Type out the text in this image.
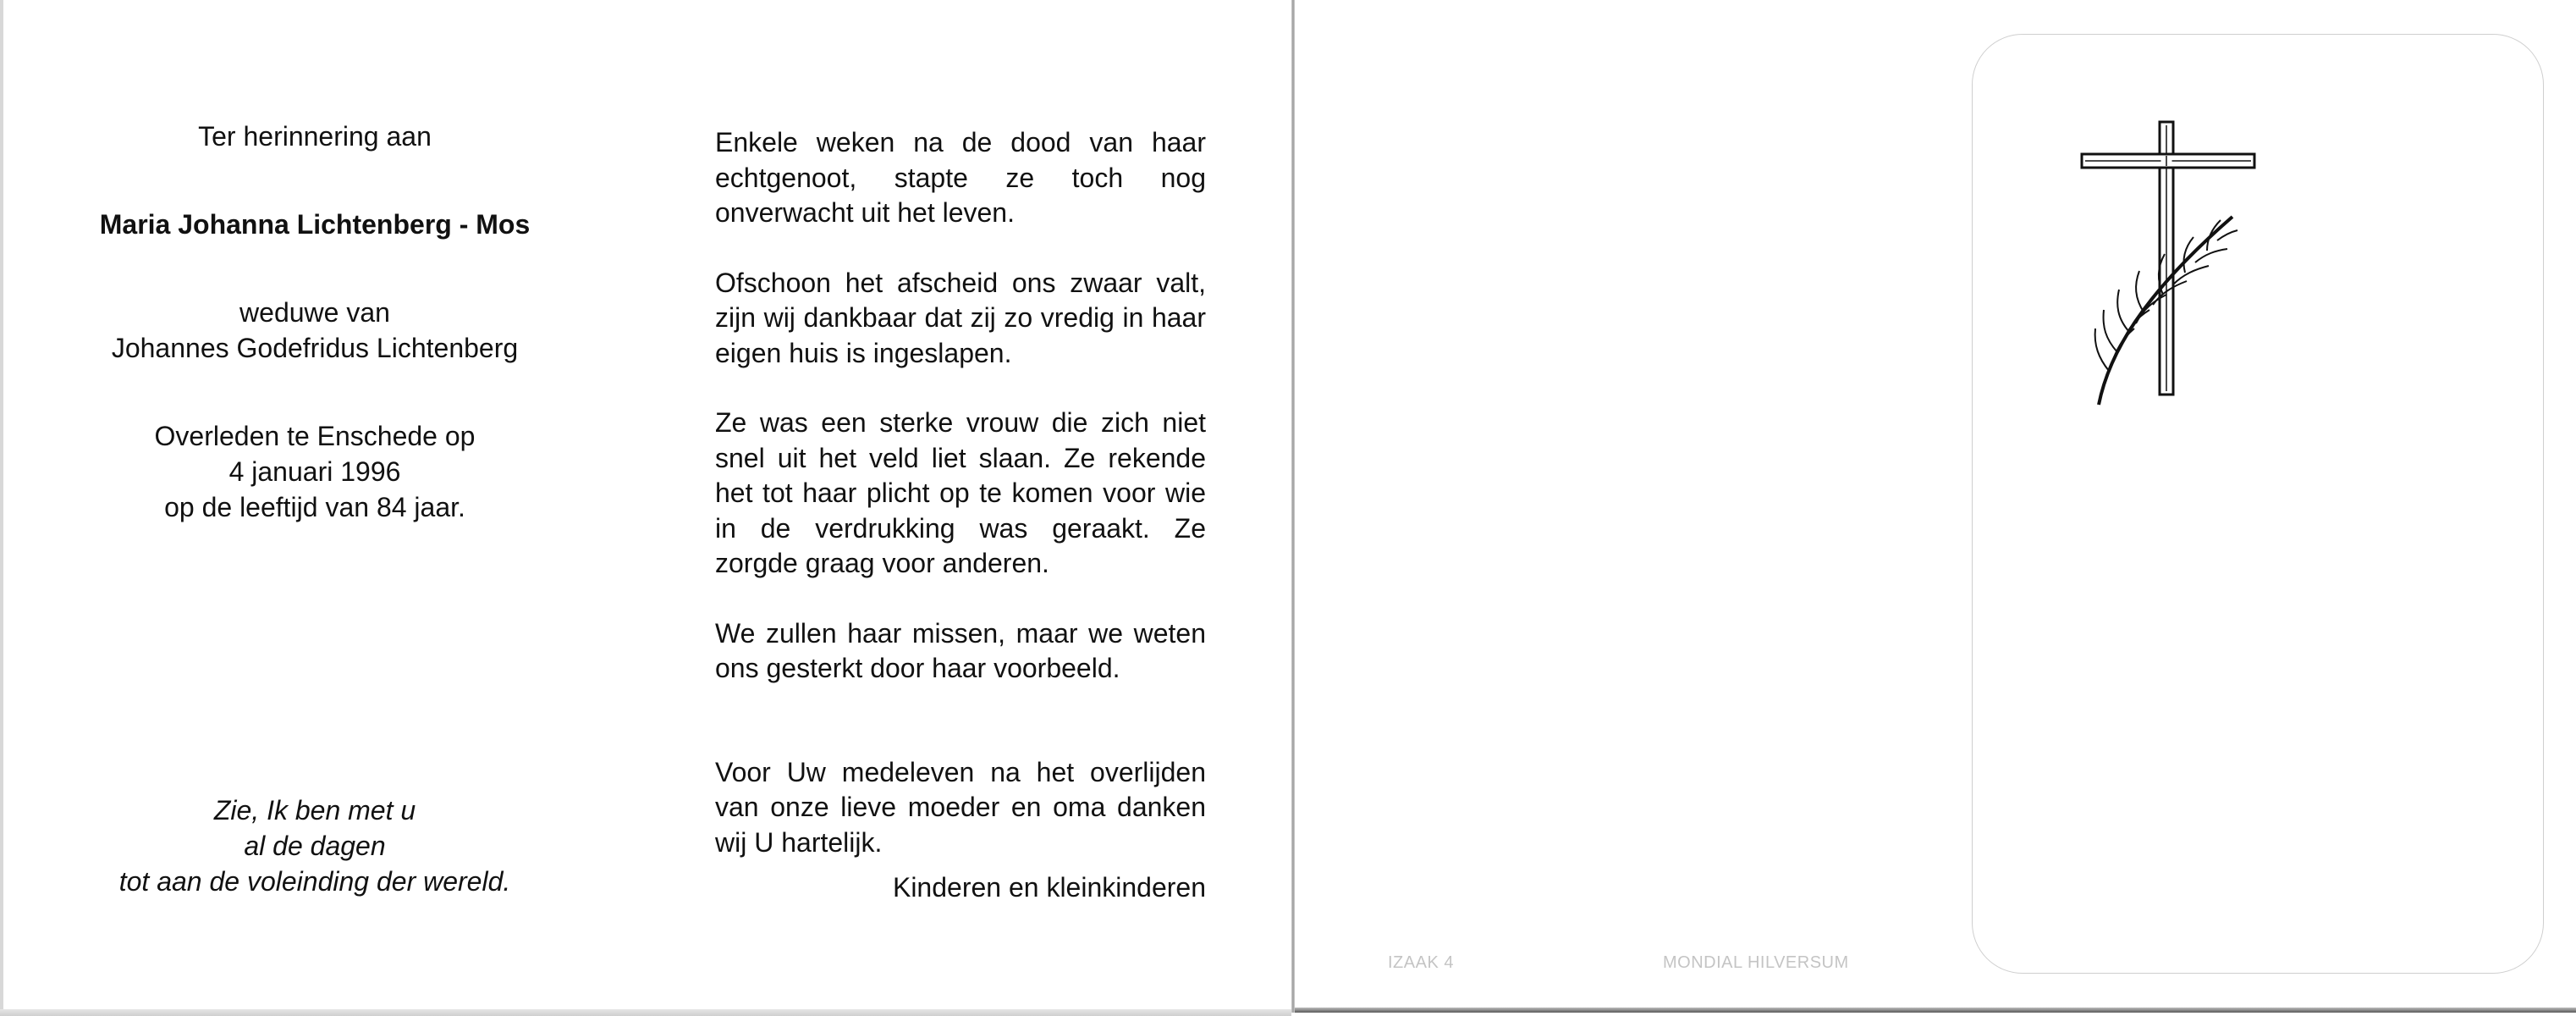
Ter herinnering aan
Maria Johanna Lichtenberg - Mos
weduwe van
Johannes Godefridus Lichtenberg
Overleden te Enschede op
4 januari 1996
op de leeftijd van 84 jaar.
Zie, Ik ben met u
al de dagen
tot aan de voleinding der wereld.

Enkele weken na de dood van haar echtgenoot, stapte ze toch nog onverwacht uit het leven.

Ofschoon het afscheid ons zwaar valt, zijn wij dankbaar dat zij zo vredig in haar eigen huis is ingeslapen.

Ze was een sterke vrouw die zich niet snel uit het veld liet slaan. Ze rekende het tot haar plicht op te komen voor wie in de verdrukking was geraakt. Ze zorgde graag voor anderen.

We zullen haar missen, maar we weten ons gesterkt door haar voorbeeld.

Voor Uw medeleven na het overlijden van onze lieve moeder en oma danken wij U hartelijk.

Kinderen en kleinkinderen
IZAAK 4	MONDIAL HILVERSUM
